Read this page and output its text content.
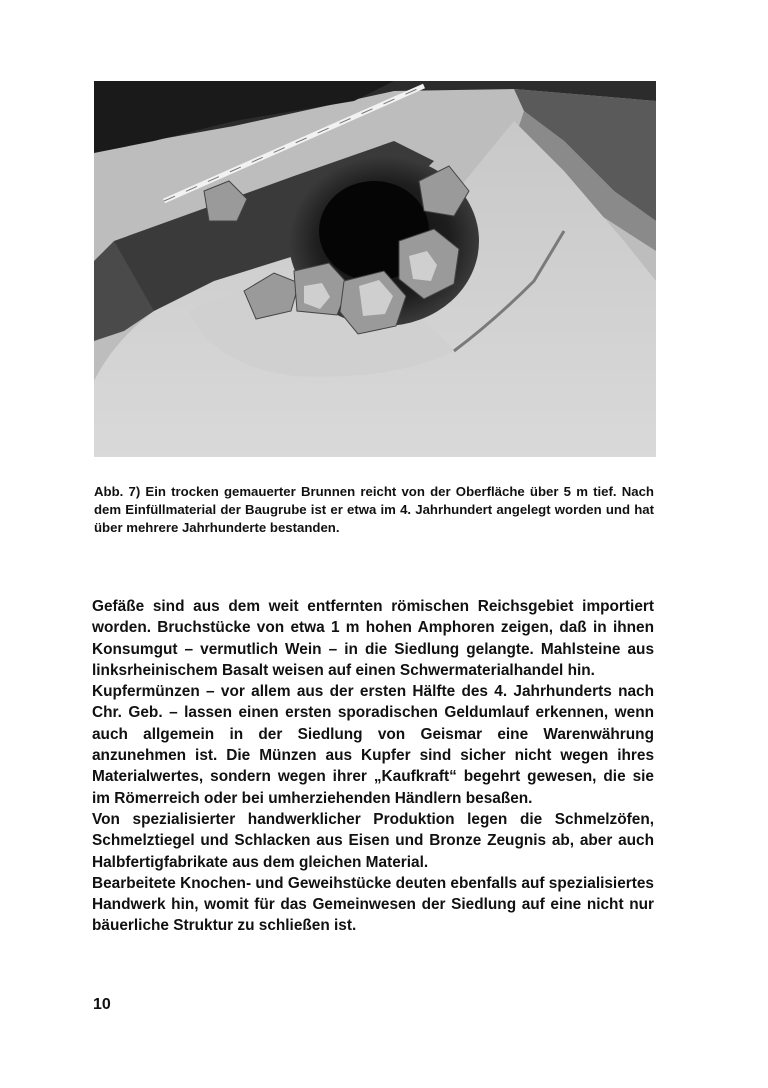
Abb. 7) Ein trocken gemauerter Brunnen reicht von der Oberfläche über 5 m tief. Nach dem Einfüllmaterial der Baugrube ist er etwa im 4. Jahrhundert angelegt worden und hat über mehrere Jahrhunderte bestanden.

Gefäße sind aus dem weit entfernten römischen Reichsgebiet importiert worden. Bruchstücke von etwa 1 m hohen Amphoren zeigen, daß in ihnen Konsumgut – vermutlich Wein – in die Siedlung gelangte. Mahlsteine aus linksrheinischem Basalt weisen auf einen Schwermaterialhandel hin.

Kupfermünzen – vor allem aus der ersten Hälfte des 4. Jahrhunderts nach Chr. Geb. – lassen einen ersten sporadischen Geldumlauf erkennen, wenn auch allgemein in der Siedlung von Geismar eine Warenwährung anzunehmen ist. Die Münzen aus Kupfer sind sicher nicht wegen ihres Materialwertes, sondern wegen ihrer „Kaufkraft“ begehrt gewesen, die sie im Römerreich oder bei umherziehenden Händlern besaßen.

Von spezialisierter handwerklicher Produktion legen die Schmelzöfen, Schmelztiegel und Schlacken aus Eisen und Bronze Zeugnis ab, aber auch Halbfertigfabrikate aus dem gleichen Material.

Bearbeitete Knochen- und Geweihstücke deuten ebenfalls auf spezialisiertes Handwerk hin, womit für das Gemeinwesen der Siedlung auf eine nicht nur bäuerliche Struktur zu schließen ist.

10
